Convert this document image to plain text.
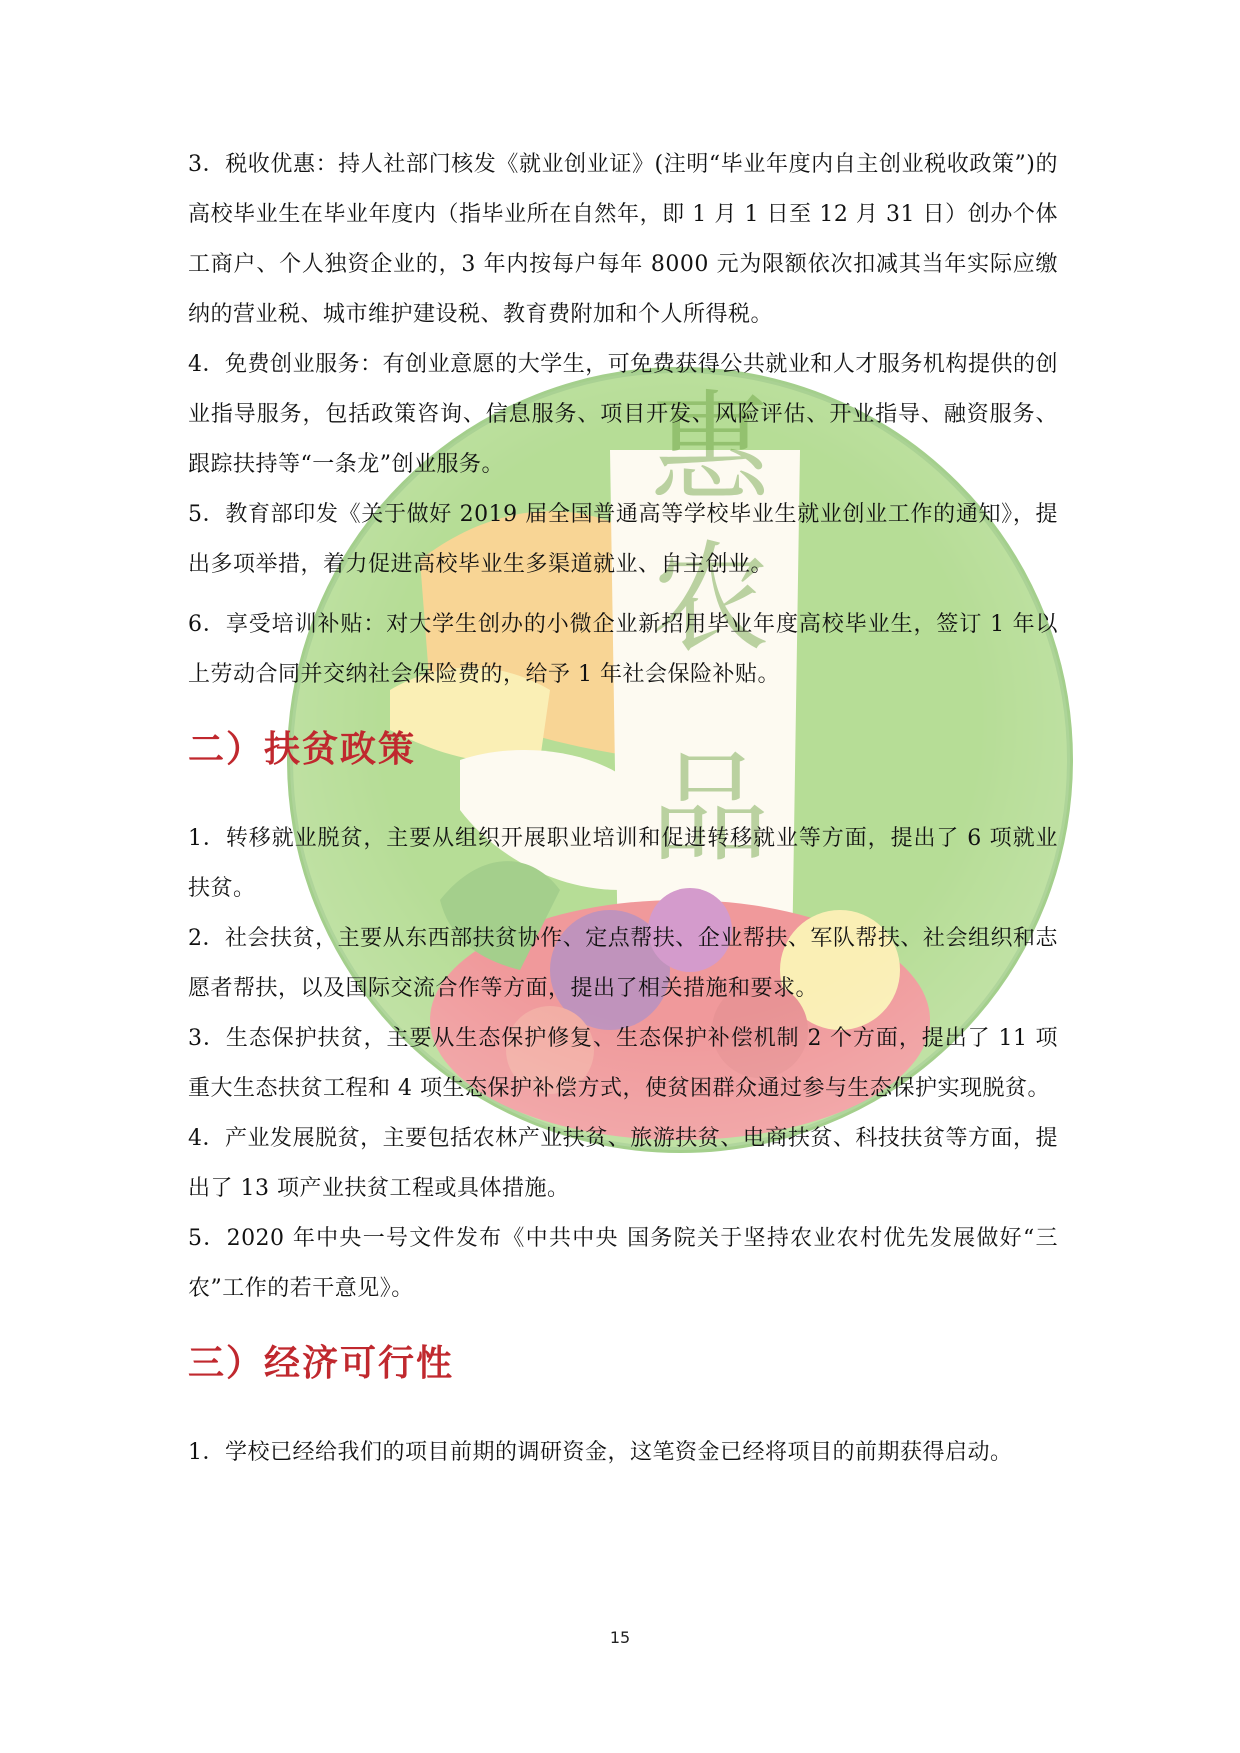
惠
农
品

3．税收优惠：持人社部门核发《就业创业证》(注明“毕业年度内自主创业税收政策”)的高校毕业生在毕业年度内（指毕业所在自然年，即 1 月 1 日至 12 月 31 日）创办个体工商户、个人独资企业的，3 年内按每户每年 8000 元为限额依次扣减其当年实际应缴纳的营业税、城市维护建设税、教育费附加和个人所得税。

4．免费创业服务：有创业意愿的大学生，可免费获得公共就业和人才服务机构提供的创业指导服务，包括政策咨询、信息服务、项目开发、风险评估、开业指导、融资服务、跟踪扶持等“一条龙”创业服务。

5．教育部印发《关于做好 2019 届全国普通高等学校毕业生就业创业工作的通知》，提出多项举措，着力促进高校毕业生多渠道就业、自主创业。

6．享受培训补贴：对大学生创办的小微企业新招用毕业年度高校毕业生，签订 1 年以上劳动合同并交纳社会保险费的，给予 1 年社会保险补贴。

二）扶贫政策

1．转移就业脱贫，主要从组织开展职业培训和促进转移就业等方面，提出了 6 项就业扶贫。

2．社会扶贫，主要从东西部扶贫协作、定点帮扶、企业帮扶、军队帮扶、社会组织和志愿者帮扶，以及国际交流合作等方面，提出了相关措施和要求。

3．生态保护扶贫，主要从生态保护修复、生态保护补偿机制 2 个方面，提出了 11 项重大生态扶贫工程和 4 项生态保护补偿方式，使贫困群众通过参与生态保护实现脱贫。

4．产业发展脱贫，主要包括农林产业扶贫、旅游扶贫、电商扶贫、科技扶贫等方面，提出了 13 项产业扶贫工程或具体措施。

5．2020 年中央一号文件发布《中共中央 国务院关于坚持农业农村优先发展做好“三农”工作的若干意见》。

三）经济可行性

1．学校已经给我们的项目前期的调研资金，这笔资金已经将项目的前期获得启动。

15
